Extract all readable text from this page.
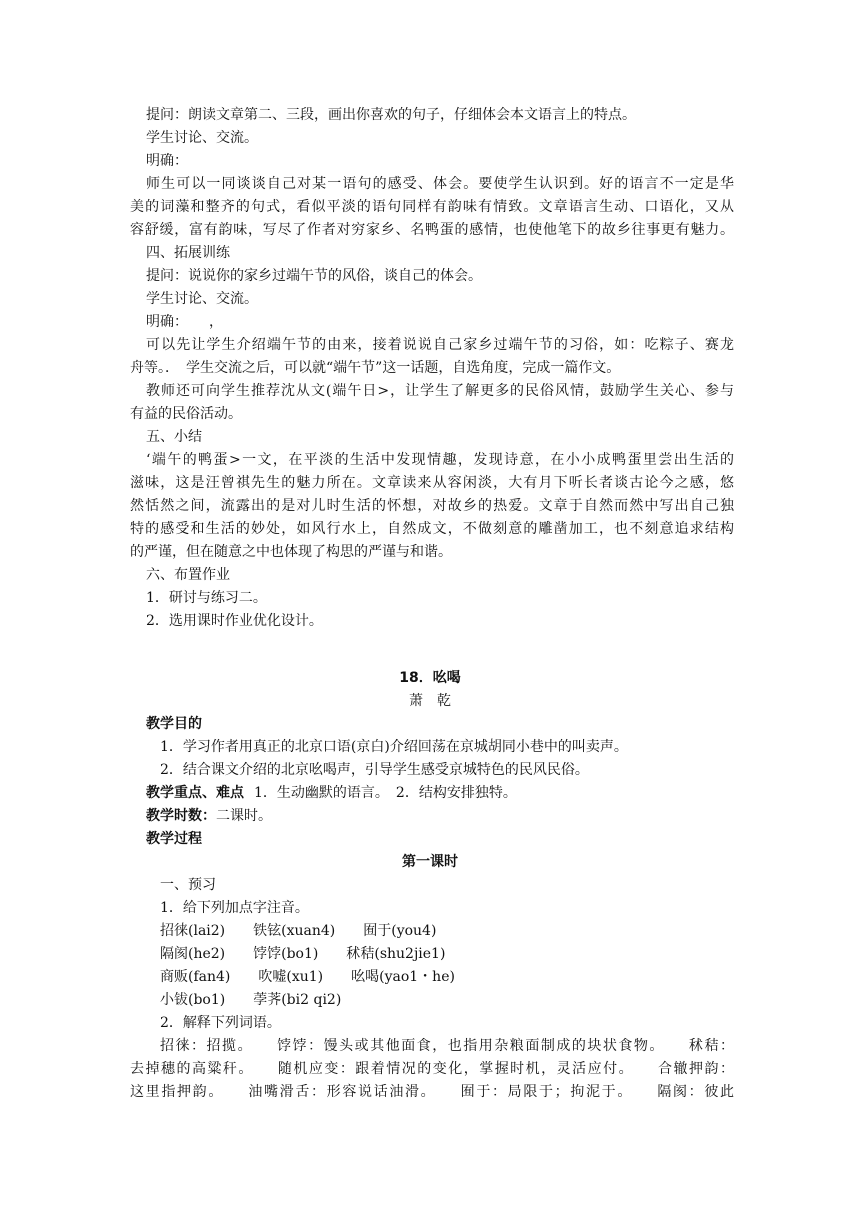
提问：朗读文章第二、三段，画出你喜欢的句子，仔细体会本文语言上的特点。
学生讨论、交流。
明确：
师生可以一同谈谈自己对某一语句的感受、体会。要使学生认识到。好的语言不一定是华
美的词藻和整齐的句式，看似平淡的语句同样有韵味有情致。文章语言生动、口语化，又从
容舒缓，富有韵味，写尽了作者对穷家乡、名鸭蛋的感情，也使他笔下的故乡往事更有魅力。
四、拓展训练
提问：说说你的家乡过端午节的风俗，谈自己的体会。
学生讨论、交流。
明确：　　，
可以先让学生介绍端午节的由来，接着说说自己家乡过端午节的习俗，如：吃粽子、赛龙
舟等。．　学生交流之后，可以就“端午节”这一话题，自选角度，完成一篇作文。
教师还可向学生推荐沈从文(端午日>，让学生了解更多的民俗风情，鼓励学生关心、参与
有益的民俗活动。
五、小结
‘端午的鸭蛋>一文，在平淡的生活中发现情趣，发现诗意，在小小成鸭蛋里尝出生活的
滋味，这是汪曾祺先生的魅力所在。文章读来从容闲淡，大有月下听长者谈古论今之感，悠
然恬然之间，流露出的是对儿时生活的怀想，对故乡的热爱。文章于自然而然中写出自己独
特的感受和生活的妙处，如风行水上，自然成文，不做刻意的雕凿加工，也不刻意追求结构
的严谨，但在随意之中也体现了构思的严谨与和谐。
六、布置作业
1．研讨与练习二。
2．选用课时作业优化设计。
18．吆喝
萧　乾
教学目的
1．学习作者用真正的北京口语(京白)介绍回荡在京城胡同小巷中的叫卖声。
2．结合课文介绍的北京吆喝声，引导学生感受京城特色的民风民俗。
教学重点、难点 1．生动幽默的语言。　2．结构安排独特。
教学时数：二课时。
教学过程
第一课时
一、预习
1．给下列加点字注音。
招徕(lai2)　　铁铉(xuan4)　　囿于(you4)
隔阂(he2)　　饽饽(bo1)　　秫秸(shu2jie1)
商贩(fan4)　　吹嘘(xu1)　　吆喝(yao1・he)
小钹(bo1)　　荸荠(bi2 qi2)
2．解释下列词语。
招徕：招揽。　　饽饽：馒头或其他面食，也指用杂粮面制成的块状食物。　　秫秸：
去掉穗的高粱秆。　　随机应变：跟着情况的变化，掌握时机，灵活应付。　　合辙押韵：
这里指押韵。　　油嘴滑舌：形容说话油滑。　　囿于：局限于；拘泥于。　　隔阂：彼此
